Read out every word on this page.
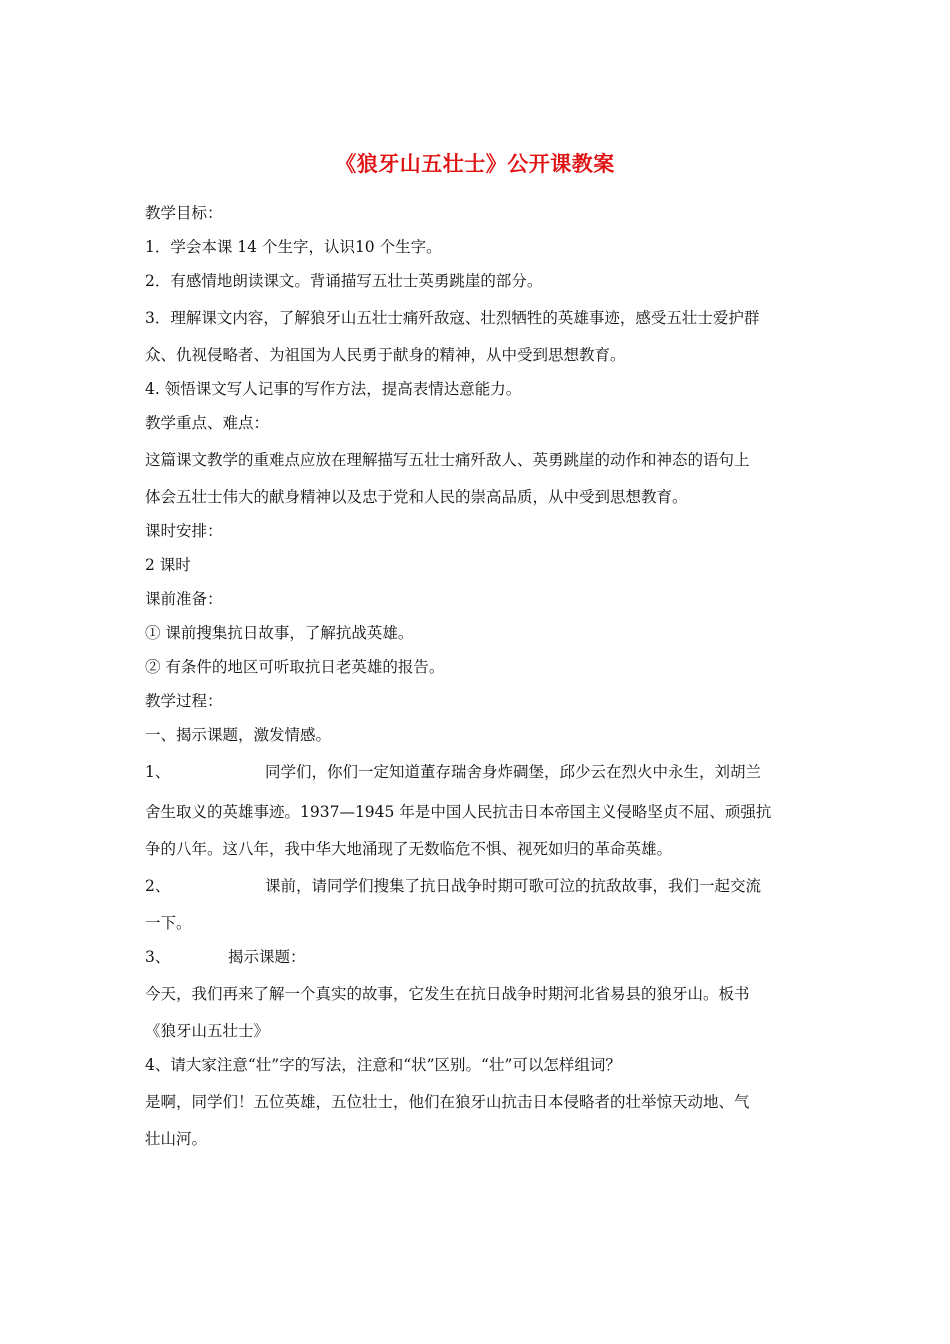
《狼牙山五壮士》公开课教案
教学目标：
1．学会本课 14 个生字，认识10 个生字。
2．有感情地朗读课文。背诵描写五壮士英勇跳崖的部分。
3．理解课文内容，了解狼牙山五壮士痛歼敌寇、壮烈牺牲的英雄事迹，感受五壮士爱护群
众、仇视侵略者、为祖国为人民勇于献身的精神，从中受到思想教育。
4. 领悟课文写人记事的写作方法，提高表情达意能力。
教学重点、难点：
这篇课文教学的重难点应放在理解描写五壮士痛歼敌人、英勇跳崖的动作和神态的语句上
体会五壮士伟大的献身精神以及忠于党和人民的崇高品质，从中受到思想教育。
课时安排：
2 课时
课前准备：
① 课前搜集抗日故事，了解抗战英雄。
② 有条件的地区可听取抗日老英雄的报告。
教学过程：
一、揭示课题，激发情感。
1、	同学们，你们一定知道董存瑞舍身炸碉堡，邱少云在烈火中永生，刘胡兰
舍生取义的英雄事迹。1937—1945 年是中国人民抗击日本帝国主义侵略坚贞不屈、顽强抗
争的八年。这八年，我中华大地涌现了无数临危不惧、视死如归的革命英雄。
2、	课前，请同学们搜集了抗日战争时期可歌可泣的抗敌故事，我们一起交流
一下。
3、	揭示课题：
今天，我们再来了解一个真实的故事，它发生在抗日战争时期河北省易县的狼牙山。板书
《狼牙山五壮士》
4、请大家注意“壮”字的写法，注意和“状”区别。“壮”可以怎样组词？
是啊，同学们！五位英雄，五位壮士，他们在狼牙山抗击日本侵略者的壮举惊天动地、气
壮山河。
